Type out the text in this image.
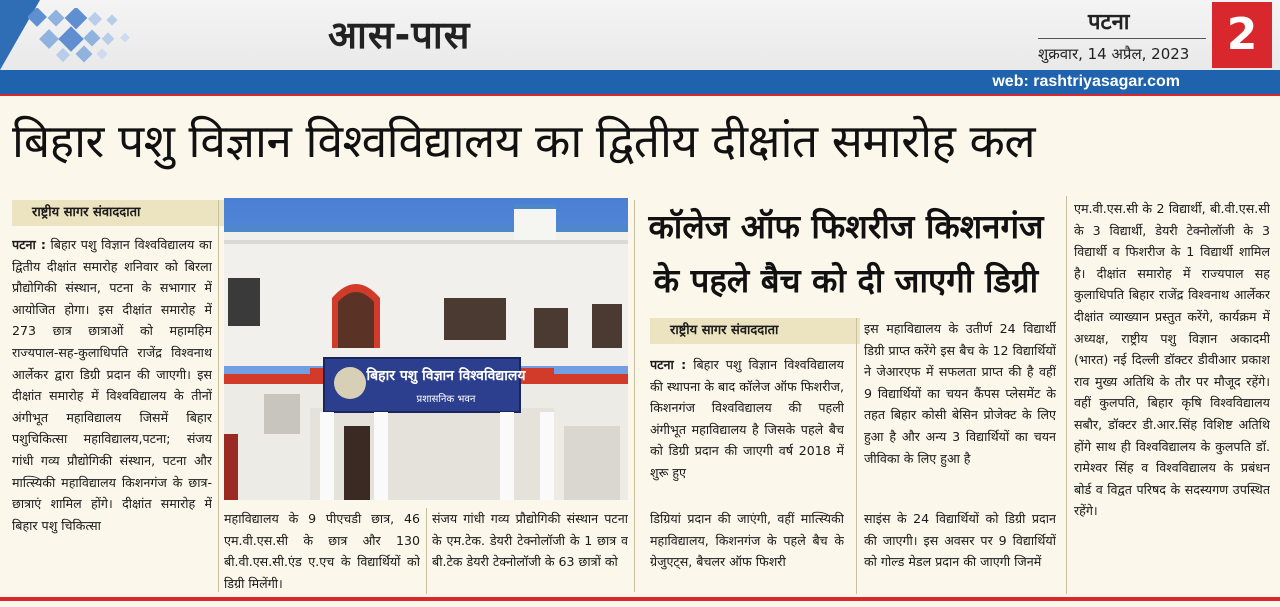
आस-पास	पटना
शुक्रवार, 14 अप्रैल, 2023 2
web: rashtriyasagar.com
बिहार पशु विज्ञान विश्वविद्यालय का द्वितीय दीक्षांत समारोह कल
राष्ट्रीय सागर संवाददाता
पटना : बिहार पशु विज्ञान विश्वविद्यालय का द्वितीय दीक्षांत समारोह शनिवार को बिरला प्रौद्योगिकी संस्थान, पटना के सभागार में आयोजित होगा। इस दीक्षांत समारोह में 273 छात्र छात्राओं को महामहिम राज्यपाल-सह-कुलाधिपति राजेंद्र विश्वनाथ आर्लेकर द्वारा डिग्री प्रदान की जाएगी। इस दीक्षांत समारोह में विश्वविद्यालय के तीनों अंगीभूत महाविद्यालय जिसमें बिहार पशुचिकित्सा महाविद्यालय,पटना; संजय गांधी गव्य प्रौद्योगिकी संस्थान, पटना और मात्स्यिकी महाविद्यालय किशनगंज के छात्र-छात्राएं शामिल होंगे। दीक्षांत समारोह में बिहार पशु चिकित्सा
बिहार पशु विज्ञान विश्वविद्यालय
प्रशासनिक भवन
महाविद्यालय के 9 पीएचडी छात्र, 46 एम.वी.एस.सी के छात्र और 130 बी.वी.एस.सी.एंड ए.एच के विद्यार्थियों को डिग्री मिलेंगी।
संजय गांधी गव्य प्रौद्योगिकी संस्थान पटना के एम.टेक. डेयरी टेक्नोलॉजी के 1 छात्र व बी.टेक डेयरी टेक्नोलॉजी के 63 छात्रों को
कॉलेज ऑफ फिशरीज किशनगंज
के पहले बैच को दी जाएगी डिग्री
राष्ट्रीय सागर संवाददाता
पटना : बिहार पशु विज्ञान विश्वविद्यालय की स्थापना के बाद कॉलेज ऑफ फिशरीज, किशनगंज विश्वविद्यालय की पहली अंगीभूत महाविद्यालय है जिसके पहले बैच को डिग्री प्रदान की जाएगी वर्ष 2018 में शुरू हुए
इस महाविद्यालय के उतीर्ण 24 विद्यार्थी डिग्री प्राप्त करेंगे इस बैच के 12 विद्यार्थियों ने जेआरएफ में सफलता प्राप्त की है वहीं 9 विद्यार्थियों का चयन कैंपस प्लेसमेंट के तहत बिहार कोसी बेसिन प्रोजेक्ट के लिए हुआ है और अन्य 3 विद्यार्थियों का चयन जीविका के लिए हुआ है
डिग्रियां प्रदान की जाएंगी, वहीं मात्स्यिकी महाविद्यालय, किशनगंज के पहले बैच के ग्रेजुएट्स, बैचलर ऑफ फिशरी
साइंस के 24 विद्यार्थियों को डिग्री प्रदान की जाएगी। इस अवसर पर 9 विद्यार्थियों को गोल्ड मेडल प्रदान की जाएगी जिनमें
एम.वी.एस.सी के 2 विद्यार्थी, बी.वी.एस.सी के 3 विद्यार्थी, डेयरी टेक्नोलॉजी के 3 विद्यार्थी व फिशरीज के 1 विद्यार्थी शामिल है। दीक्षांत समारोह में राज्यपाल सह कुलाधिपति बिहार राजेंद्र विश्वनाथ आर्लेकर दीक्षांत व्याख्यान प्रस्तुत करेंगे, कार्यक्रम में अध्यक्ष, राष्ट्रीय पशु विज्ञान अकादमी (भारत) नई दिल्ली डॉक्टर डीवीआर प्रकाश राव मुख्य अतिथि के तौर पर मौजूद रहेंगे। वहीं कुलपति, बिहार कृषि विश्वविद्यालय सबौर, डॉक्टर डी.आर.सिंह विशिष्ट अतिथि होंगे साथ ही विश्वविद्यालय के कुलपति डॉ. रामेश्वर सिंह व विश्वविद्यालय के प्रबंधन बोर्ड व विद्वत परिषद के सदस्यगण उपस्थित रहेंगे।
